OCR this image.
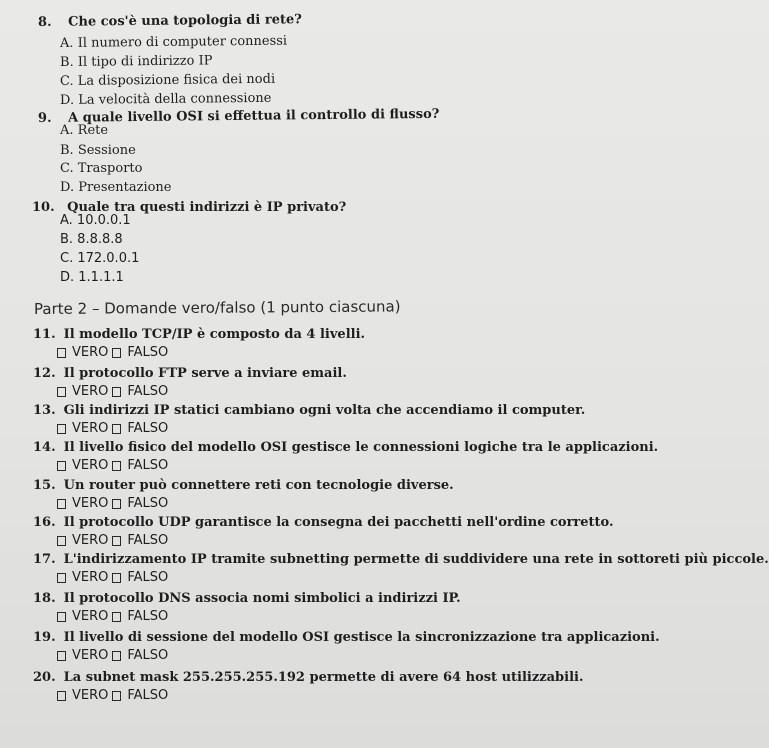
8. Che cos'è una topologia di rete?
A. Il numero di computer connessi
B. Il tipo di indirizzo IP
C. La disposizione fisica dei nodi
D. La velocità della connessione
9. A quale livello OSI si effettua il controllo di flusso?
A. Rete
B. Sessione
C. Trasporto
D. Presentazione
10. Quale tra questi indirizzi è IP privato?
A. 10.0.0.1
B. 8.8.8.8
C. 172.0.0.1
D. 1.1.1.1
Parte 2 – Domande vero/falso (1 punto ciascuna)
11. Il modello TCP/IP è composto da 4 livelli.
VERO FALSO
12. Il protocollo FTP serve a inviare email.
VERO FALSO
13. Gli indirizzi IP statici cambiano ogni volta che accendiamo il computer.
VERO FALSO
14. Il livello fisico del modello OSI gestisce le connessioni logiche tra le applicazioni.
VERO FALSO
15. Un router può connettere reti con tecnologie diverse.
VERO FALSO
16. Il protocollo UDP garantisce la consegna dei pacchetti nell'ordine corretto.
VERO FALSO
17. L'indirizzamento IP tramite subnetting permette di suddividere una rete in sottoreti più piccole.
VERO FALSO
18. Il protocollo DNS associa nomi simbolici a indirizzi IP.
VERO FALSO
19. Il livello di sessione del modello OSI gestisce la sincronizzazione tra applicazioni.
VERO FALSO
20. La subnet mask 255.255.255.192 permette di avere 64 host utilizzabili.
VERO FALSO
